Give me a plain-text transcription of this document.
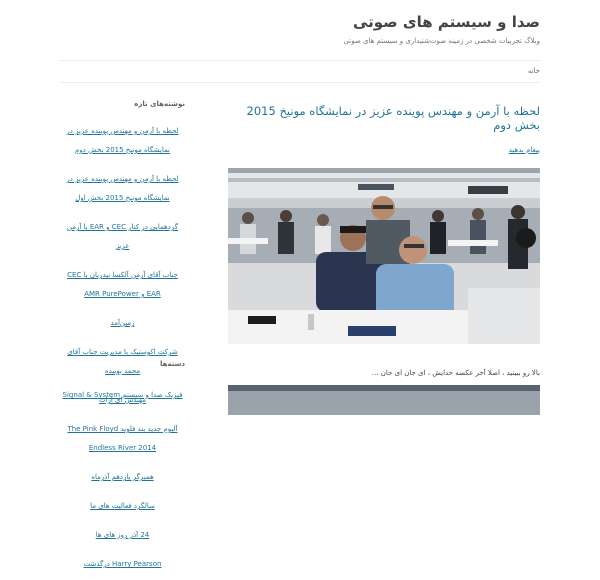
صدا و سیستم های صوتی
وبلاگ تجربیات شخصی در زمینه صوت‌شنیداری و سیستم های صوتی
خانه
لحظه با آرمن و مهندس پوینده عزیز در نمایشگاه مونیخ 2015 بخش دوم
پیغام بدهید

بالا رو ببینید ، اصلا آخر عکسه خدایش ، ای جان ای جان ...

نوشته‌های تازه
لحظه با آرمن و مهندس پوینده عزیز در نمایشگاه مونیخ 2015 بخش دوم
لحظه با آرمن و مهندس پوینده عزیز در نمایشگاه مونیخ 2015 بخش اول
گردهمایی در کنار CEC و EAR با آرمن عزیز
جناب آقای آرمن آلکسا نیدریان با CEC EAR و AMR PurePower
زمین‌آمد
شرکت اکوستیک با مدیریت جناب آقای محمد پوینده
مهندس ای آرات
آلبوم جدید بند فلوید The Pink Floyd Endless River 2014
همبرگر یازدهم آذرماه
سالگرد فعالیت های ما
24 آذر روز های ها
Harry Pearson درگذشت
دسته‌ها
فیزیک صدا و سیستم Signal & System
